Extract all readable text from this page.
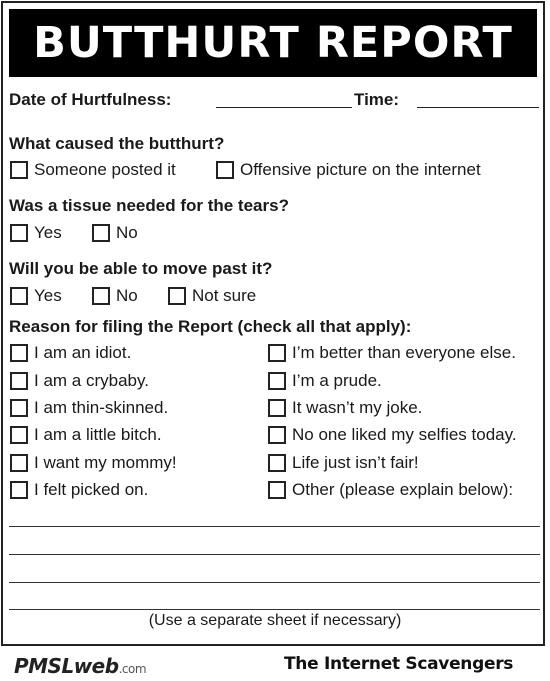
BUTTHURT REPORT
Date of Hurtfulness:	Time:
What caused the butthurt?
Someone posted it	Offensive picture on the internet
Was a tissue needed for the tears?
Yes	No
Will you be able to move past it?
Yes	No	Not sure
Reason for filing the Report (check all that apply):
I am an idiot.
I am a crybaby.
I am thin-skinned.
I am a little bitch.
I want my mommy!
I felt picked on.
I’m better than everyone else.
I’m a prude.
It wasn’t my joke.
No one liked my selfies today.
Life just isn’t fair!
Other (please explain below):
(Use a separate sheet if necessary)
PMSLweb.com	The Internet Scavengers
